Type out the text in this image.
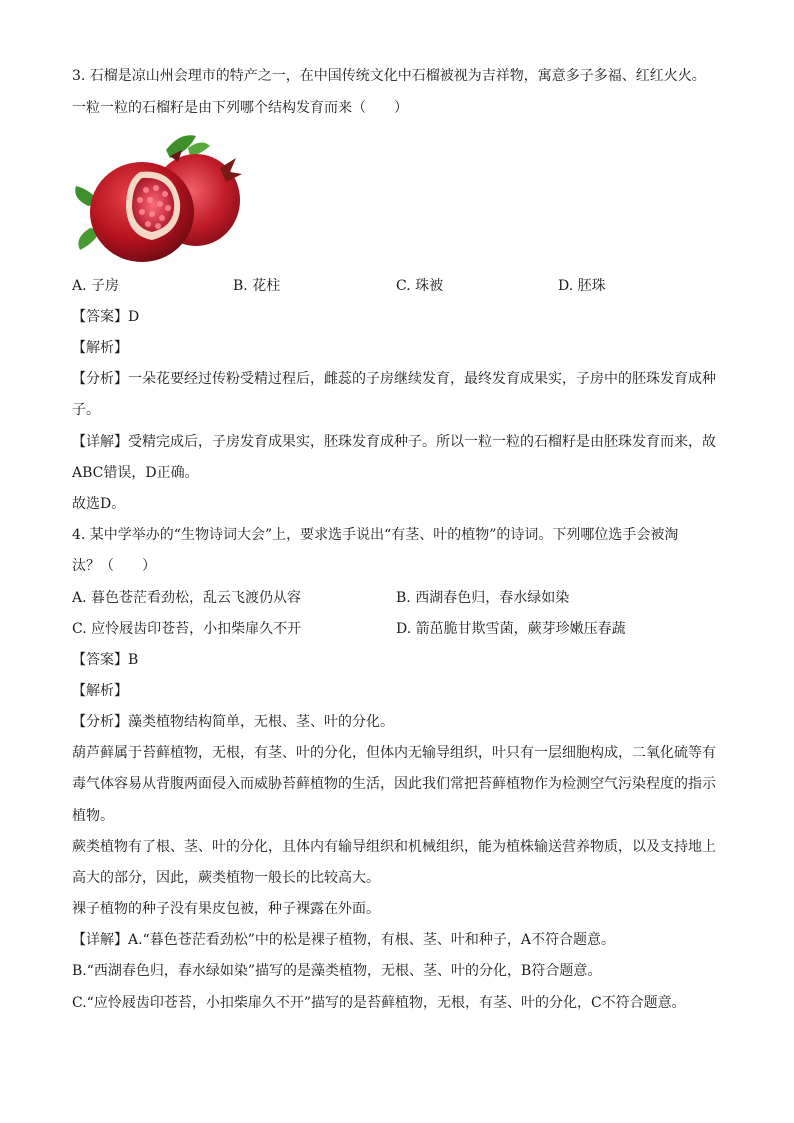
3. 石榴是凉山州会理市的特产之一，在中国传统文化中石榴被视为吉祥物，寓意多子多福、红红火火。
一粒一粒的石榴籽是由下列哪个结构发育而来（　　）
A. 子房	B. 花柱	C. 珠被	D. 胚珠
【答案】D
【解析】
【分析】一朵花要经过传粉受精过程后，雌蕊的子房继续发育，最终发育成果实，子房中的胚珠发育成种
子。
【详解】受精完成后，子房发育成果实，胚珠发育成种子。所以一粒一粒的石榴籽是由胚珠发育而来，故
ABC错误，D正确。
故选D。
4. 某中学举办的“生物诗词大会”上，要求选手说出“有茎、叶的植物”的诗词。下列哪位选手会被淘
汰？（　　）
A. 暮色苍茫看劲松，乱云飞渡仍从容	B. 西湖春色归，春水绿如染
C. 应怜屐齿印苍苔，小扣柴扉久不开	D. 箭茁脆甘欺雪菌，蕨芽珍嫩压春蔬
【答案】B
【解析】
【分析】藻类植物结构简单，无根、茎、叶的分化。
葫芦藓属于苔藓植物，无根，有茎、叶的分化，但体内无输导组织，叶只有一层细胞构成，二氧化硫等有
毒气体容易从背腹两面侵入而威胁苔藓植物的生活，因此我们常把苔藓植物作为检测空气污染程度的指示
植物。
蕨类植物有了根、茎、叶的分化，且体内有输导组织和机械组织，能为植株输送营养物质，以及支持地上
高大的部分，因此，蕨类植物一般长的比较高大。
裸子植物的种子没有果皮包被，种子裸露在外面。
【详解】A.“暮色苍茫看劲松”中的松是裸子植物，有根、茎、叶和种子，A不符合题意。
B.“西湖春色归，春水绿如染”描写的是藻类植物，无根、茎、叶的分化，B符合题意。
C.“应怜屐齿印苍苔，小扣柴扉久不开”描写的是苔藓植物，无根，有茎、叶的分化，C不符合题意。
